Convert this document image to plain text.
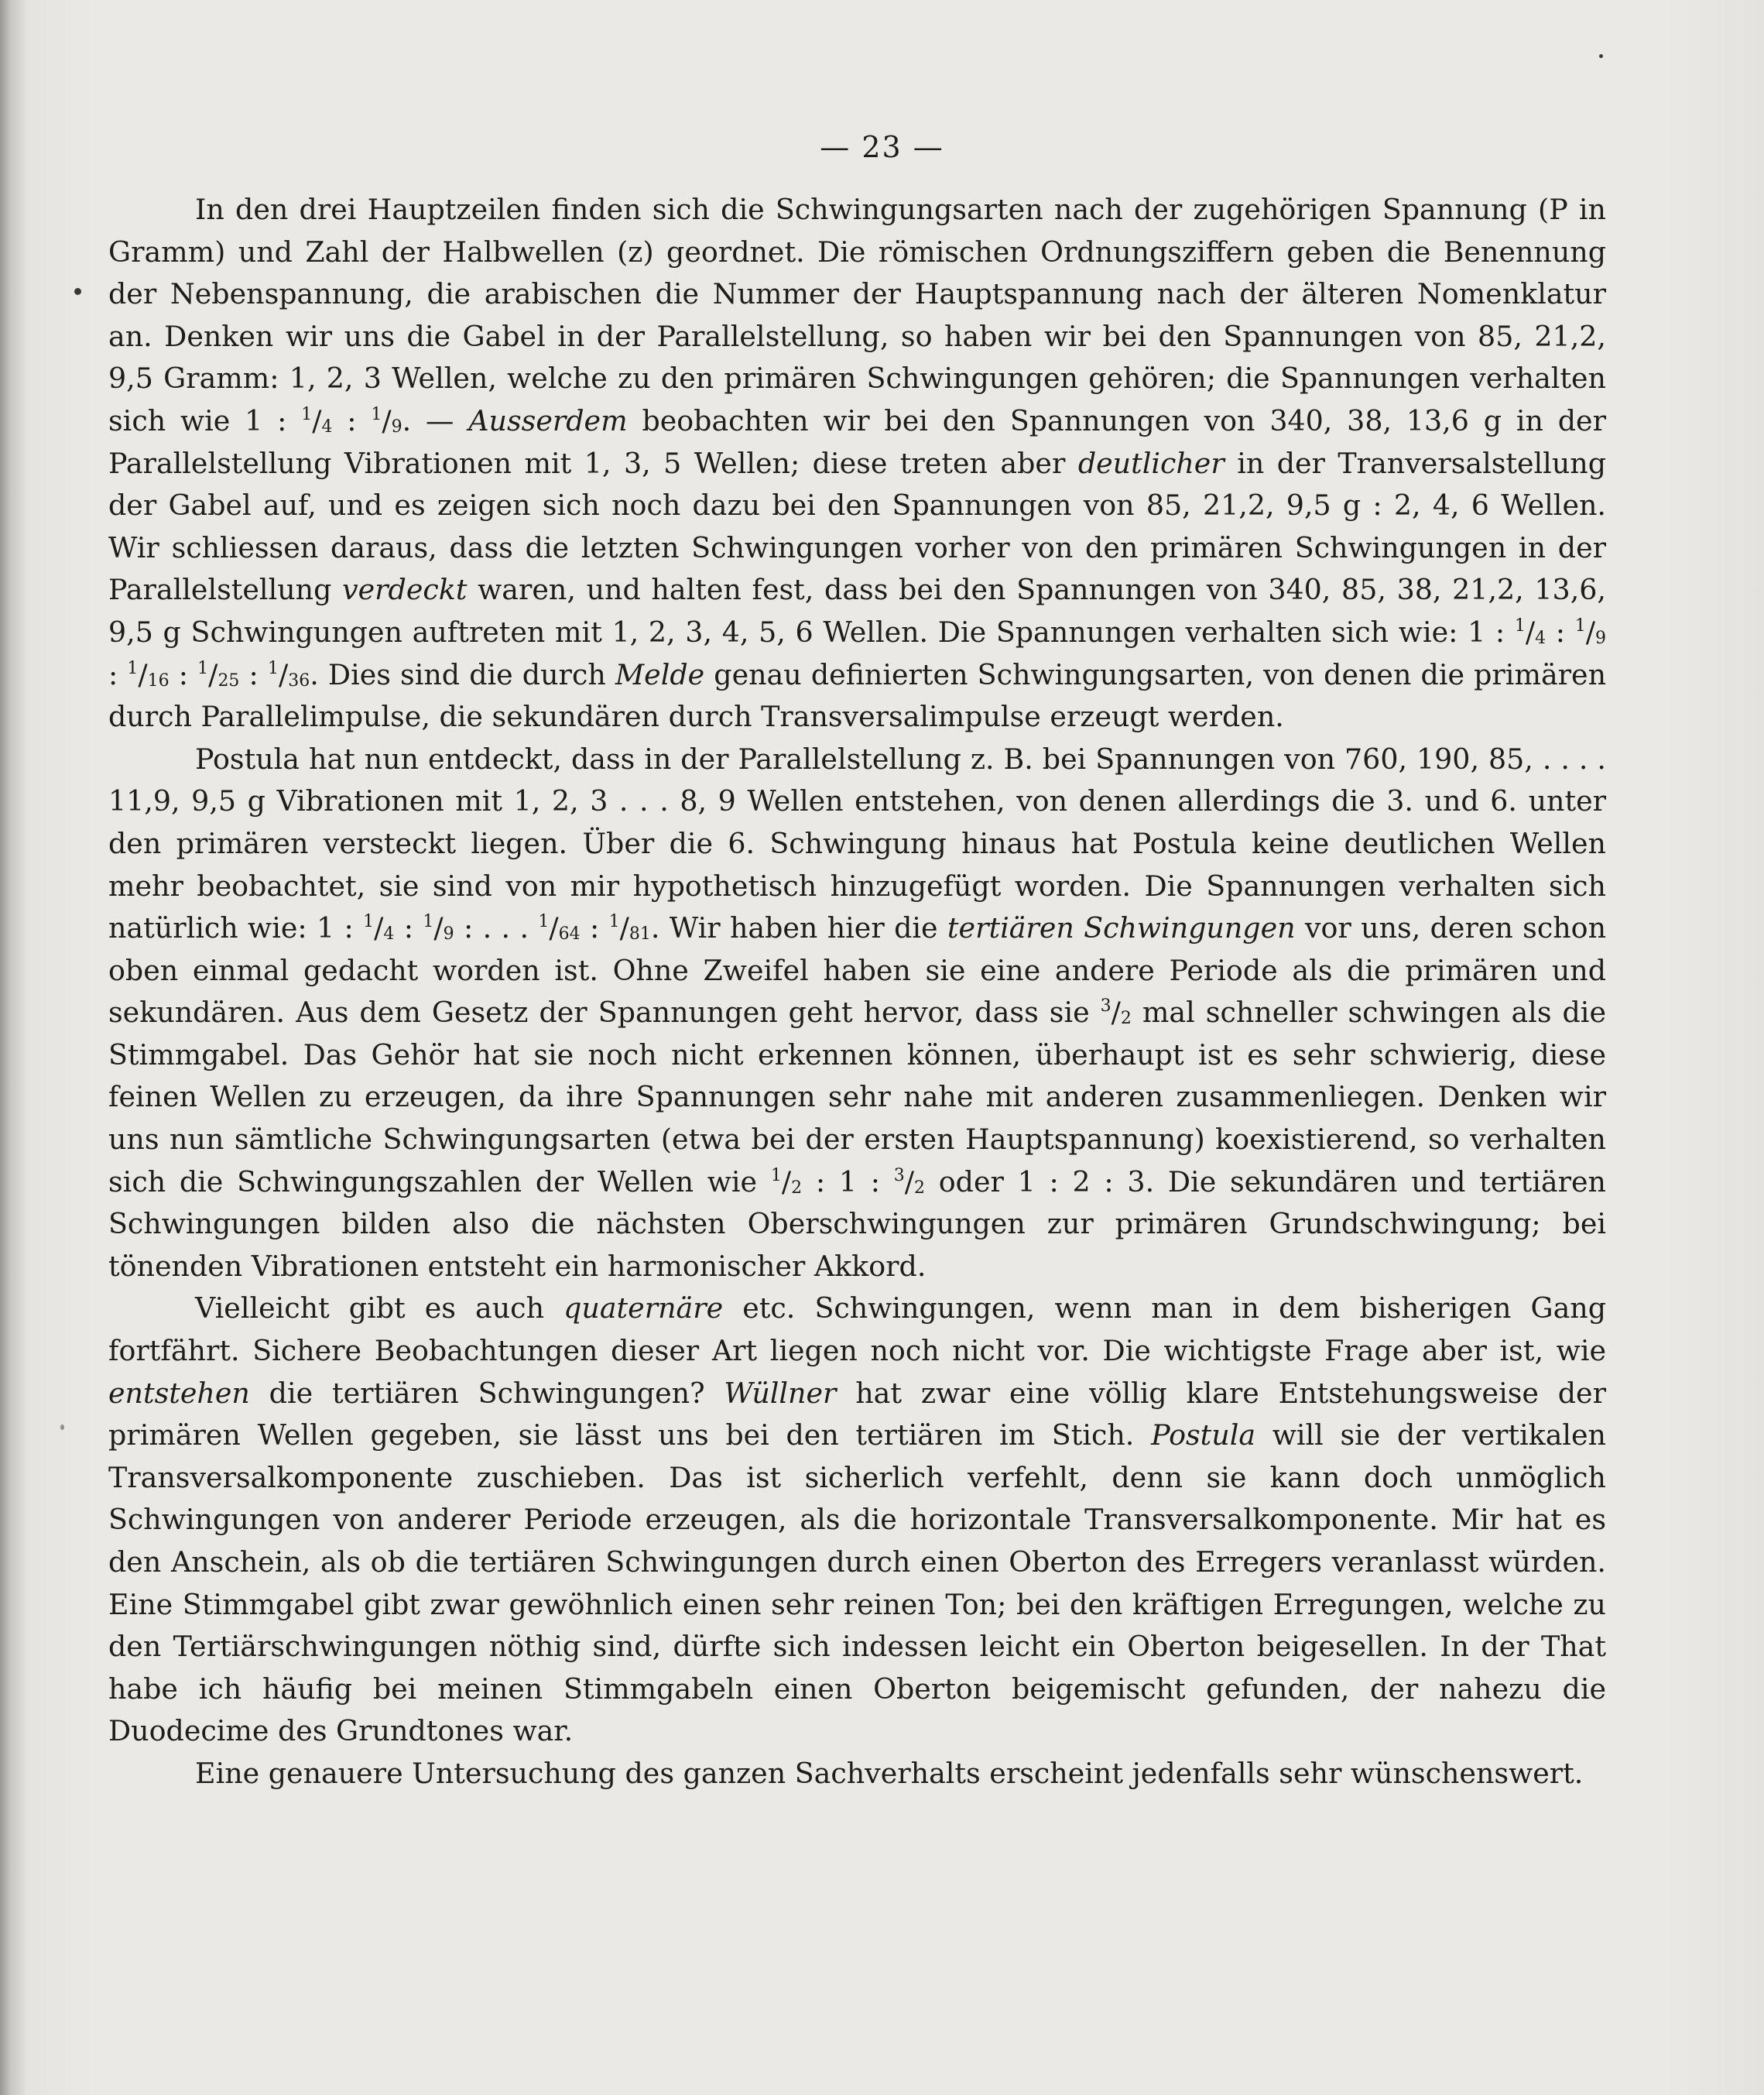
— 23 —

In den drei Hauptzeilen finden sich die Schwingungsarten nach der zugehörigen Spannung (P in Gramm) und Zahl der Halbwellen (z) geordnet. Die römischen Ordnungsziffern geben die Benennung der Nebenspannung, die arabischen die Nummer der Hauptspannung nach der älteren Nomenklatur an. Denken wir uns die Gabel in der Parallelstellung, so haben wir bei den Spannungen von 85, 21,2, 9,5 Gramm: 1, 2, 3 Wellen, welche zu den primären Schwingungen gehören; die Spannungen verhalten sich wie 1 : $^1/_4$ : $^1/_9$. — Ausserdem beobachten wir bei den Spannungen von 340, 38, 13,6 g in der Parallelstellung Vibrationen mit 1, 3, 5 Wellen; diese treten aber deutlicher in der Tranversalstellung der Gabel auf, und es zeigen sich noch dazu bei den Spannungen von 85, 21,2, 9,5 g : 2, 4, 6 Wellen. Wir schliessen daraus, dass die letzten Schwingungen vorher von den primären Schwingungen in der Parallelstellung verdeckt waren, und halten fest, dass bei den Spannungen von 340, 85, 38, 21,2, 13,6, 9,5 g Schwingungen auftreten mit 1, 2, 3, 4, 5, 6 Wellen. Die Spannungen verhalten sich wie: 1 : $^1/_4$ : $^1/_9$ : $^1/_{16}$ : $^1/_{25}$ : $^1/_{36}$. Dies sind die durch Melde genau definierten Schwingungsarten, von denen die primären durch Parallelimpulse, die sekundären durch Transversalimpulse erzeugt werden.

Postula hat nun entdeckt, dass in der Parallelstellung z. B. bei Spannungen von 760, 190, 85, . . . . 11,9, 9,5 g Vibrationen mit 1, 2, 3 . . . 8, 9 Wellen entstehen, von denen allerdings die 3. und 6. unter den primären versteckt liegen. Über die 6. Schwingung hinaus hat Postula keine deutlichen Wellen mehr beobachtet, sie sind von mir hypothetisch hinzugefügt worden. Die Spannungen verhalten sich natürlich wie: 1 : $^1/_4$ : $^1/_9$ : . . . $^1/_{64}$ : $^1/_{81}$. Wir haben hier die tertiären Schwingungen vor uns, deren schon oben einmal gedacht worden ist. Ohne Zweifel haben sie eine andere Periode als die primären und sekundären. Aus dem Gesetz der Spannungen geht hervor, dass sie $^3/_2$ mal schneller schwingen als die Stimmgabel. Das Gehör hat sie noch nicht erkennen können, überhaupt ist es sehr schwierig, diese feinen Wellen zu erzeugen, da ihre Spannungen sehr nahe mit anderen zusammenliegen. Denken wir uns nun sämtliche Schwingungsarten (etwa bei der ersten Hauptspannung) koexistierend, so verhalten sich die Schwingungszahlen der Wellen wie $^1/_2$ : 1 : $^3/_2$ oder 1 : 2 : 3. Die sekundären und tertiären Schwingungen bilden also die nächsten Oberschwingungen zur primären Grundschwingung; bei tönenden Vibrationen entsteht ein harmonischer Akkord.

Vielleicht gibt es auch quaternäre etc. Schwingungen, wenn man in dem bisherigen Gang fortfährt. Sichere Beobachtungen dieser Art liegen noch nicht vor. Die wichtigste Frage aber ist, wie entstehen die tertiären Schwingungen? Wüllner hat zwar eine völlig klare Entstehungsweise der primären Wellen gegeben, sie lässt uns bei den tertiären im Stich. Postula will sie der vertikalen Transversalkomponente zuschieben. Das ist sicherlich verfehlt, denn sie kann doch unmöglich Schwingungen von anderer Periode erzeugen, als die horizontale Transversalkomponente. Mir hat es den Anschein, als ob die tertiären Schwingungen durch einen Oberton des Erregers veranlasst würden. Eine Stimmgabel gibt zwar gewöhnlich einen sehr reinen Ton; bei den kräftigen Erregungen, welche zu den Tertiärschwingungen nöthig sind, dürfte sich indessen leicht ein Oberton beigesellen. In der That habe ich häufig bei meinen Stimmgabeln einen Oberton beigemischt gefunden, der nahezu die Duodecime des Grundtones war.

Eine genauere Untersuchung des ganzen Sachverhalts erscheint jedenfalls sehr wünschenswert.
